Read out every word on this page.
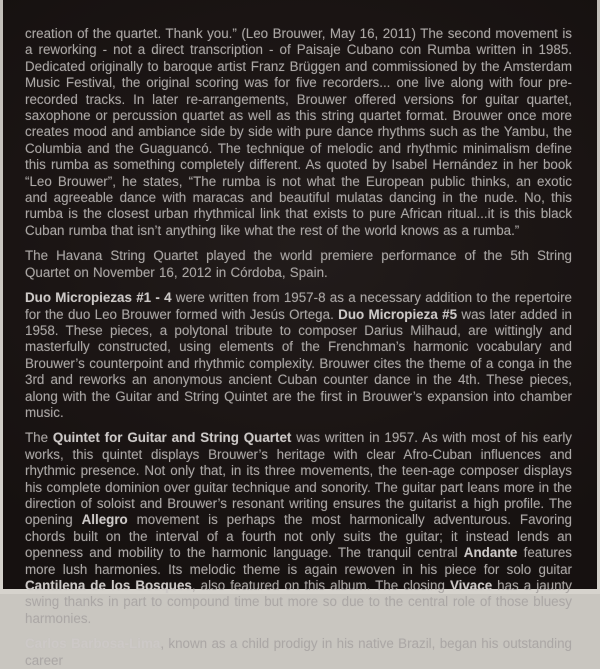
creation of the quartet. Thank you.” (Leo Brouwer, May 16, 2011) The second movement is a reworking - not a direct transcription - of Paisaje Cubano con Rumba written in 1985. Dedicated originally to baroque artist Franz Brüggen and commissioned by the Amsterdam Music Festival, the original scoring was for five recorders... one live along with four pre-recorded tracks. In later re-arrangements, Brouwer offered versions for guitar quartet, saxophone or percussion quartet as well as this string quartet format. Brouwer once more creates mood and ambiance side by side with pure dance rhythms such as the Yambu, the Columbia and the Guaguancó. The technique of melodic and rhythmic minimalism define this rumba as something completely different. As quoted by Isabel Hernández in her book “Leo Brouwer”, he states, “The rumba is not what the European public thinks, an exotic and agreeable dance with maracas and beautiful mulatas dancing in the nude. No, this rumba is the closest urban rhythmical link that exists to pure African ritual...it is this black Cuban rumba that isn’t anything like what the rest of the world knows as a rumba.”

The Havana String Quartet played the world premiere performance of the 5th String Quartet on November 16, 2012 in Córdoba, Spain.

Duo Micropiezas #1 - 4 were written from 1957-8 as a necessary addition to the repertoire for the duo Leo Brouwer formed with Jesús Ortega. Duo Micropieza #5 was later added in 1958. These pieces, a polytonal tribute to composer Darius Milhaud, are wittingly and masterfully constructed, using elements of the Frenchman’s harmonic vocabulary and Brouwer’s counterpoint and rhythmic complexity. Brouwer cites the theme of a conga in the 3rd and reworks an anonymous ancient Cuban counter dance in the 4th. These pieces, along with the Guitar and String Quintet are the first in Brouwer’s expansion into chamber music.

The Quintet for Guitar and String Quartet was written in 1957. As with most of his early works, this quintet displays Brouwer’s heritage with clear Afro-Cuban influences and rhythmic presence. Not only that, in its three movements, the teen-age composer displays his complete dominion over guitar technique and sonority. The guitar part leans more in the direction of soloist and Brouwer’s resonant writing ensures the guitarist a high profile. The opening Allegro movement is perhaps the most harmonically adventurous. Favoring chords built on the interval of a fourth not only suits the guitar; it instead lends an openness and mobility to the harmonic language. The tranquil central Andante features more lush harmonies. Its melodic theme is again rewoven in his piece for solo guitar Cantilena de los Bosques, also featured on this album. The closing Vivace has a jaunty swing thanks in part to compound time but more so due to the central role of those bluesy harmonies.

Carlos Barbosa-Lima, known as a child prodigy in his native Brazil, began his outstanding career
